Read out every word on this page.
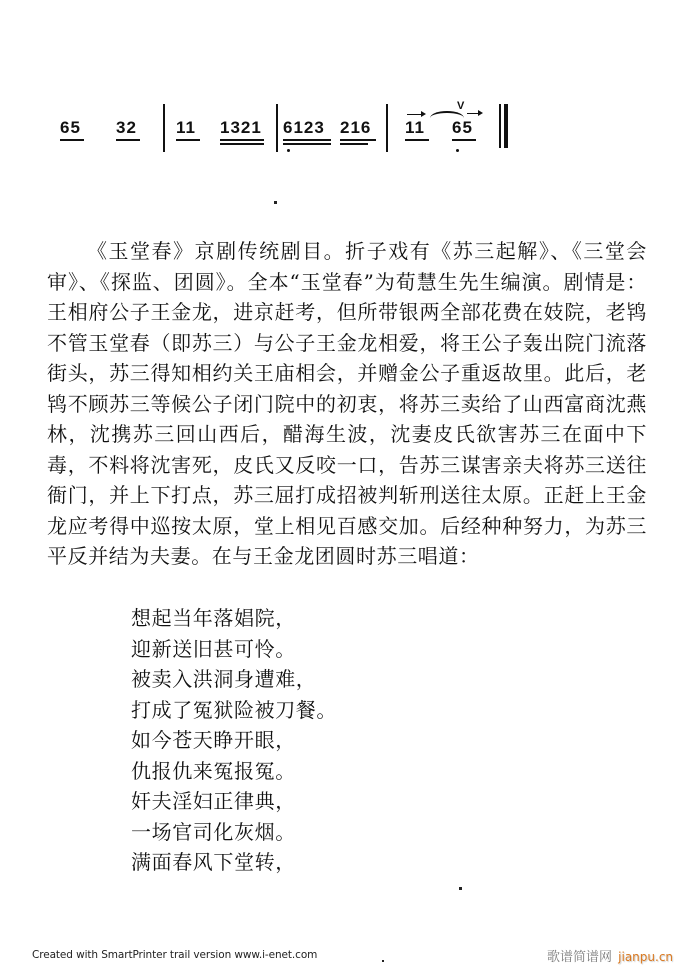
65 32 11 1321 6123 216 11
V
65
《玉堂春》京剧传统剧目。折子戏有《苏三起解》、《三堂会审》、《探监、团圆》。全本“玉堂春”为荀慧生先生编演。剧情是：王相府公子王金龙，进京赶考，但所带银两全部花费在妓院，老鸨不管玉堂春（即苏三）与公子王金龙相爱，将王公子轰出院门流落街头，苏三得知相约关王庙相会，并赠金公子重返故里。此后，老鸨不顾苏三等候公子闭门院中的初衷，将苏三卖给了山西富商沈燕林，沈携苏三回山西后，醋海生波，沈妻皮氏欲害苏三在面中下毒，不料将沈害死，皮氏又反咬一口，告苏三谋害亲夫将苏三送往衙门，并上下打点，苏三屈打成招被判斩刑送往太原。正赶上王金龙应考得中巡按太原，堂上相见百感交加。后经种种努力，为苏三平反并结为夫妻。在与王金龙团圆时苏三唱道：
想起当年落娼院，
迎新送旧甚可怜。
被卖入洪洞身遭难，
打成了冤狱险被刀餐。
如今苍天睁开眼，
仇报仇来冤报冤。
奸夫淫妇正律典，
一场官司化灰烟。
满面春风下堂转，
Created with SmartPrinter trail version www.i-enet.com	歌谱简谱网 jianpu.cn
